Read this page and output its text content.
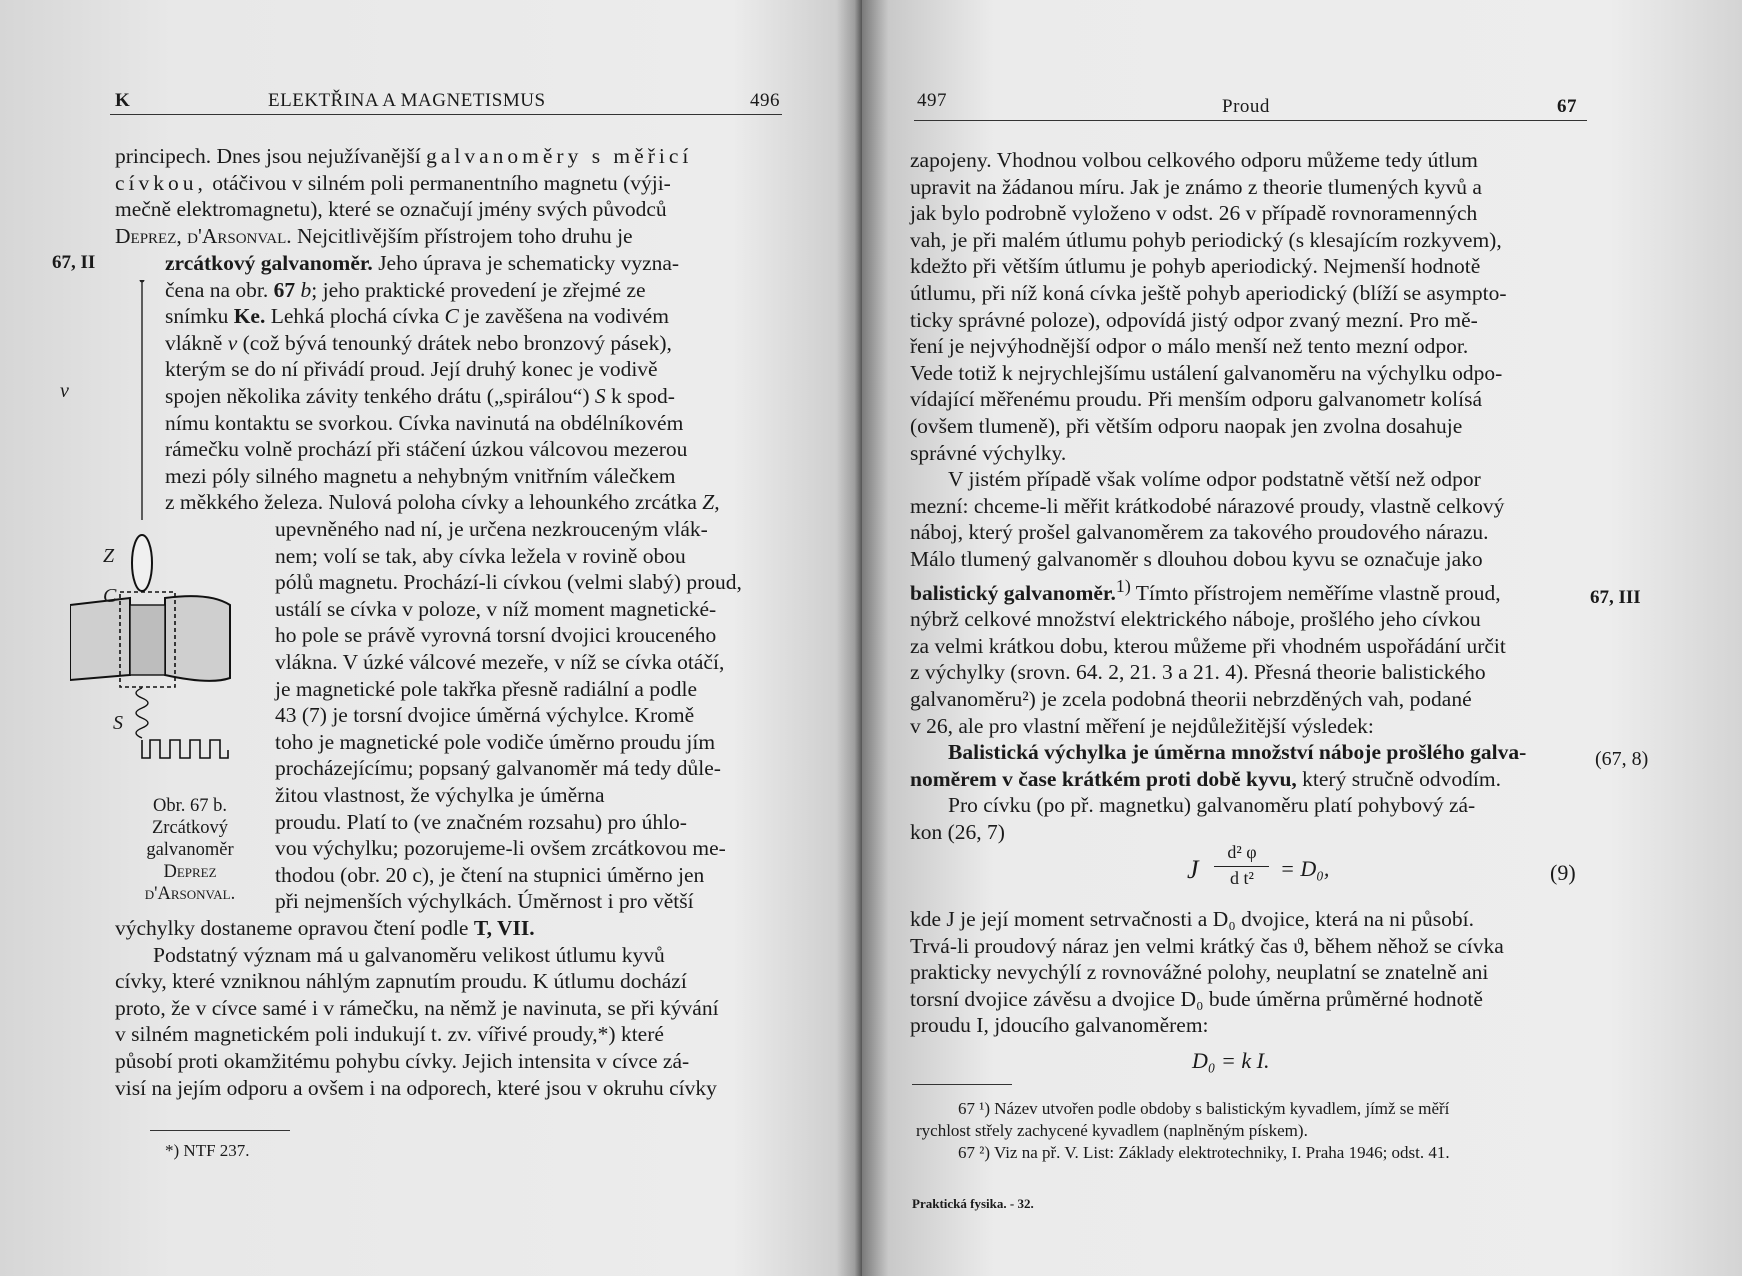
K	ELEKTŘINA A MAGNETISMUS	496

principech. Dnes jsou nejužívanější galvanoměry s měřicí

cívkou, otáčivou v silném poli permanentního magnetu (výji-

mečně elektromagnetu), které se označují jmény svých původců

Deprez, d'Arsonval. Nejcitlivějším přístrojem toho druhu je

67, II	zrcátkový galvanoměr. Jeho úprava je schematicky vyzna-

čena na obr. 67 b; jeho praktické provedení je zřejmé ze

snímku Ke. Lehká plochá cívka C je zavěšena na vodivém

vlákně v (což bývá tenounký drátek nebo bronzový pásek),

kterým se do ní přivádí proud. Její druhý konec je vodivě

spojen několika závity tenkého drátu („spirálou“) S k spod-

nímu kontaktu se svorkou. Cívka navinutá na obdélníkovém

rámečku volně prochází při stáčení úzkou válcovou mezerou

mezi póly silného magnetu a nehybným vnitřním válečkem

z měkkého železa. Nulová poloha cívky a lehounkého zrcátka Z,

upevněného nad ní, je určena nezkrouceným vlák-

nem; volí se tak, aby cívka ležela v rovině obou

pólů magnetu. Prochází-li cívkou (velmi slabý) proud,

ustálí se cívka v poloze, v níž moment magnetické-

ho pole se právě vyrovná torsní dvojici krouceného

vlákna. V úzké válcové mezeře, v níž se cívka otáčí,

je magnetické pole takřka přesně radiální a podle

43 (7) je torsní dvojice úměrná výchylce. Kromě

toho je magnetické pole vodiče úměrno proudu jím

procházejícímu; popsaný galvanoměr má tedy důle-

žitou vlastnost, že výchylka je úměrna

proudu. Platí to (ve značném rozsahu) pro úhlo-

vou výchylku; pozorujeme-li ovšem zrcátkovou me-

thodou (obr. 20 c), je čtení na stupnici úměrno jen

při nejmenších výchylkách. Úměrnost i pro větší

výchylky dostaneme opravou čtení podle T, VII.

Podstatný význam má u galvanoměru velikost útlumu kyvů

cívky, které vzniknou náhlým zapnutím proudu. K útlumu dochází

proto, že v cívce samé i v rámečku, na němž je navinuta, se při kývání

v silném magnetickém poli indukují t. zv. vířivé proudy,*) které

působí proti okamžitému pohybu cívky. Jejich intensita v cívce zá-

visí na jejím odporu a ovšem i na odporech, které jsou v okruhu cívky

*) NTF 237.
v
Z
C
S
Obr. 67 b.
Zrcátkový
galvanoměr
Deprez
d'Arsonval.
497	Proud	67

zapojeny. Vhodnou volbou celkového odporu můžeme tedy útlum

upravit na žádanou míru. Jak je známo z theorie tlumených kyvů a

jak bylo podrobně vyloženo v odst. 26 v případě rovnoramenných

vah, je při malém útlumu pohyb periodický (s klesajícím rozkyvem),

kdežto při větším útlumu je pohyb aperiodický. Nejmenší hodnotě

útlumu, při níž koná cívka ještě pohyb aperiodický (blíží se asympto-

ticky správné poloze), odpovídá jistý odpor zvaný mezní. Pro mě-

ření je nejvýhodnější odpor o málo menší než tento mezní odpor.

Vede totiž k nejrychlejšímu ustálení galvanoměru na výchylku odpo-

vídající měřenému proudu. Při menším odporu galvanometr kolísá

(ovšem tlumeně), při větším odporu naopak jen zvolna dosahuje

správné výchylky.

V jistém případě však volíme odpor podstatně větší než odpor

mezní: chceme-li měřit krátkodobé nárazové proudy, vlastně celkový

náboj, který prošel galvanoměrem za takového proudového nárazu.

Málo tlumený galvanoměr s dlouhou dobou kyvu se označuje jako

balistický galvanoměr.$^{1)}$ Tímto přístrojem neměříme vlastně proud,

nýbrž celkové množství elektrického náboje, prošlého jeho cívkou

za velmi krátkou dobu, kterou můžeme při vhodném uspořádání určit

z výchylky (srovn. 64. 2, 21. 3 a 21. 4). Přesná theorie balistického

galvanoměru²) je zcela podobná theorii nebrzděných vah, podané

v 26, ale pro vlastní měření je nejdůležitější výsledek:

Balistická výchylka je úměrna množství náboje prošlého galva-

noměrem v čase krátkém proti době kyvu, který stručně odvodím.

Pro cívku (po př. magnetku) galvanoměru platí pohybový zá-

kon (26, 7)

67, III
(67, 8)
J
d² φ
d t²	= D₀,	(9)

kde J je její moment setrvačnosti a D₀ dvojice, která na ni působí.

Trvá-li proudový náraz jen velmi krátký čas ϑ, během něhož se cívka

prakticky nevychýlí z rovnovážné polohy, neuplatní se znatelně ani

torsní dvojice závěsu a dvojice D₀ bude úměrna průměrné hodnotě

proudu I, jdoucího galvanoměrem:

D₀ = k I.
67 ¹) Název utvořen podle obdoby s balistickým kyvadlem, jímž se měří
rychlost střely zachycené kyvadlem (naplněným pískem).
67 ²) Viz na př. V. List: Základy elektrotechniky, I. Praha 1946; odst. 41.
Praktická fysika. - 32.
